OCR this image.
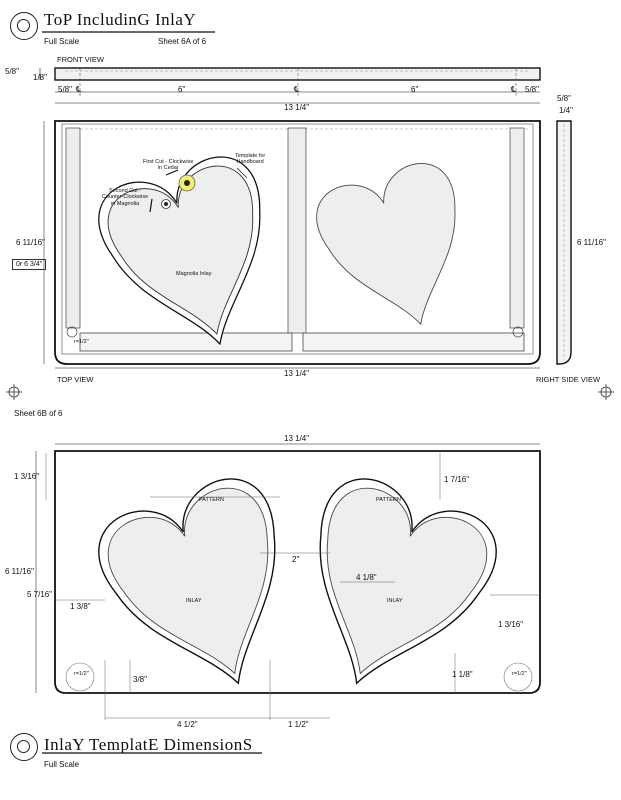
ToP IncludinG InlaY
Full Scale	Sheet 6A of 6
FRONT VIEW
TOP VIEW	RIGHT SIDE VIEW
5/8"
1/8"
5/8" ℄	6"	℄	6"	℄ 5/8"
13 1/4"
6 11/16"
0r 6 3/4"
r=1/2"
13 1/4"
5/8"
1/4"
6 11/16"
First Cut - Clockwise
in Cedar
Second Cut -
Counter-Clockwise
in Magnolia
Template for
Handboard
Magnolia Inlay
Sheet 6B of 6
13 1/4"
1 3/16"
6 11/16"
5 7/16"
1 3/8"
3/8"
4 1/2"	1 1/2"
1 7/16"
2"
4 1/8"
1 3/16"
1 1/8"
r=1/2"	r=1/2"
PATTERN	PATTERN
INLAY	INLAY
InlaY TemplatE DimensionS
Full Scale
